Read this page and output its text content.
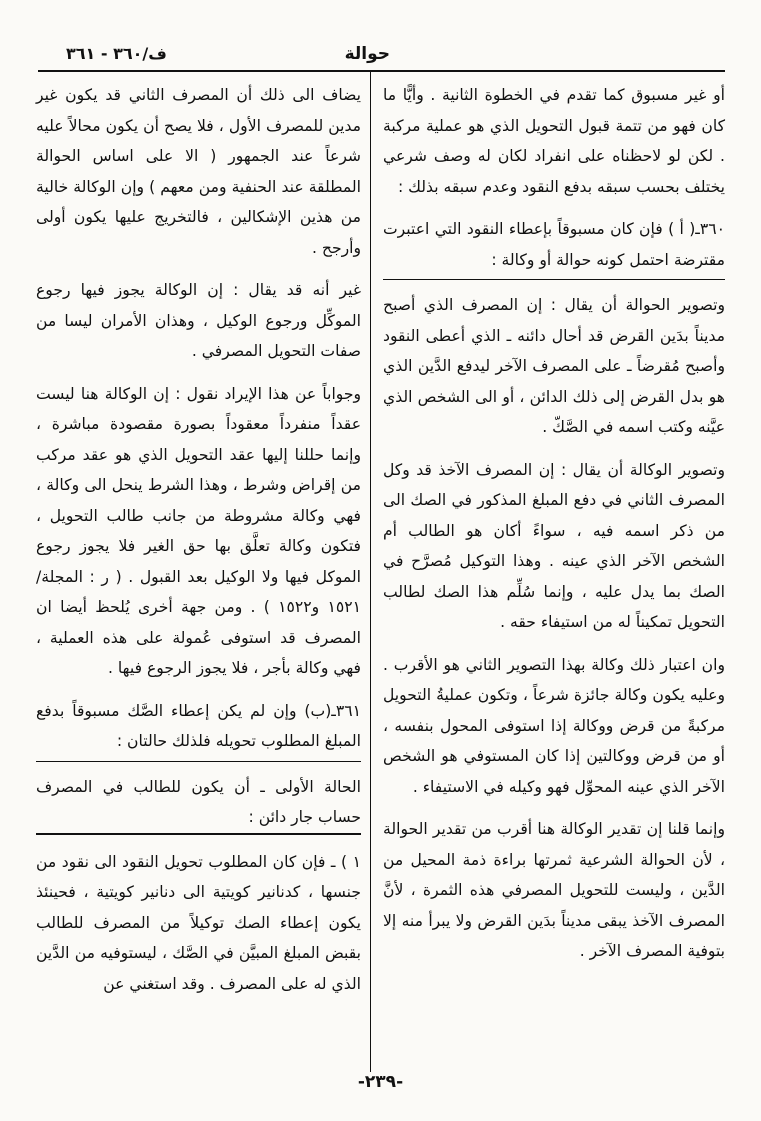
حوالة
ف/٣٦٠ - ٣٦١

أو غير مسبوق كما تقدم في الخطوة الثانية . وأيًّا ما كان فهو من تتمة قبول التحويل الذي هو عملية مركبة . لكن لو لاحظناه على انفراد لكان له وصف شرعي يختلف بحسب سبقه بدفع النقود وعدم سبقه بذلك :

٣٦٠ـ( أ ) فإن كان مسبوقاً بإعطاء النقود التي اعتبرت مقترضة احتمل كونه حوالة أو وكالة :

وتصوير الحوالة أن يقال : إن المصرف الذي أصبح مديناً بدَين القرض قد أحال دائنه ـ الذي أعطى النقود وأصبح مُقرضاً ـ على المصرف الآخر ليدفع الدَّين الذي هو بدل القرض إلى ذلك الدائن ، أو الى الشخص الذي عيَّنه وكتب اسمه في الصَّكّ .

وتصوير الوكالة أن يقال : إن المصرف الآخذ قد وكل المصرف الثاني في دفع المبلغ المذكور في الصك الى من ذكر اسمه فيه ، سواءً أكان هو الطالب أم الشخص الآخر الذي عينه . وهذا التوكيل مُصرَّح في الصك بما يدل عليه ، وإنما سُلِّم هذا الصك لطالب التحويل تمكيناً له من استيفاء حقه .

وان اعتبار ذلك وكالة بهذا التصوير الثاني هو الأقرب . وعليه يكون وكالة جائزة شرعاً ، وتكون عمليةُ التحويل مركبةً من قرض ووكالة إذا استوفى المحول بنفسه ، أو من قرض ووكالتين إذا كان المستوفي هو الشخص الآخر الذي عينه المحوِّل فهو وكيله في الاستيفاء .

وإنما قلنا إن تقدير الوكالة هنا أقرب من تقدير الحوالة ، لأن الحوالة الشرعية ثمرتها براءة ذمة المحيل من الدَّين ، وليست للتحويل المصرفي هذه الثمرة ، لأنَّ المصرف الآخذ يبقى مديناً بدَين القرض ولا يبرأ منه إلا بتوفية المصرف الآخر .

يضاف الى ذلك أن المصرف الثاني قد يكون غير مدين للمصرف الأول ، فلا يصح أن يكون محالاً عليه شرعاً عند الجمهور ( الا على اساس الحوالة المطلقة عند الحنفية ومن معهم ) وإن الوكالة خالية من هذين الإشكالين ، فالتخريج عليها يكون أولى وأرجح .

غير أنه قد يقال : إن الوكالة يجوز فيها رجوع الموكِّل ورجوع الوكيل ، وهذان الأمران ليسا من صفات التحويل المصرفي .

وجواباً عن هذا الإيراد نقول : إن الوكالة هنا ليست عقداً منفرداً معقوداً بصورة مقصودة مباشرة ، وإنما حللنا إليها عقد التحويل الذي هو عقد مركب من إقراض وشرط ، وهذا الشرط ينحل الى وكالة ، فهي وكالة مشروطة من جانب طالب التحويل ، فتكون وكالة تعلَّق بها حق الغير فلا يجوز رجوع الموكل فيها ولا الوكيل بعد القبول . ( ر : المجلة/١٥٢١ و١٥٢٢ ) . ومن جهة أخرى يُلحظ أيضا ان المصرف قد استوفى عُمولة على هذه العملية ، فهي وكالة بأجر ، فلا يجوز الرجوع فيها .

٣٦١ـ(ب) وإن لم يكن إعطاء الصَّك مسبوقاً بدفع المبلغ المطلوب تحويله فلذلك حالتان :

الحالة الأولى ـ أن يكون للطالب في المصرف حساب جار دائن :

١ ) ـ فإن كان المطلوب تحويل النقود الى نقود من جنسها ، كدنانير كويتية الى دنانير كويتية ، فحينئذ يكون إعطاء الصك توكيلاً من المصرف للطالب بقبض المبلغ المبيَّن في الصَّك ، ليستوفيه من الدَّين الذي له على المصرف . وقد استغني عن

-٢٣٩-
